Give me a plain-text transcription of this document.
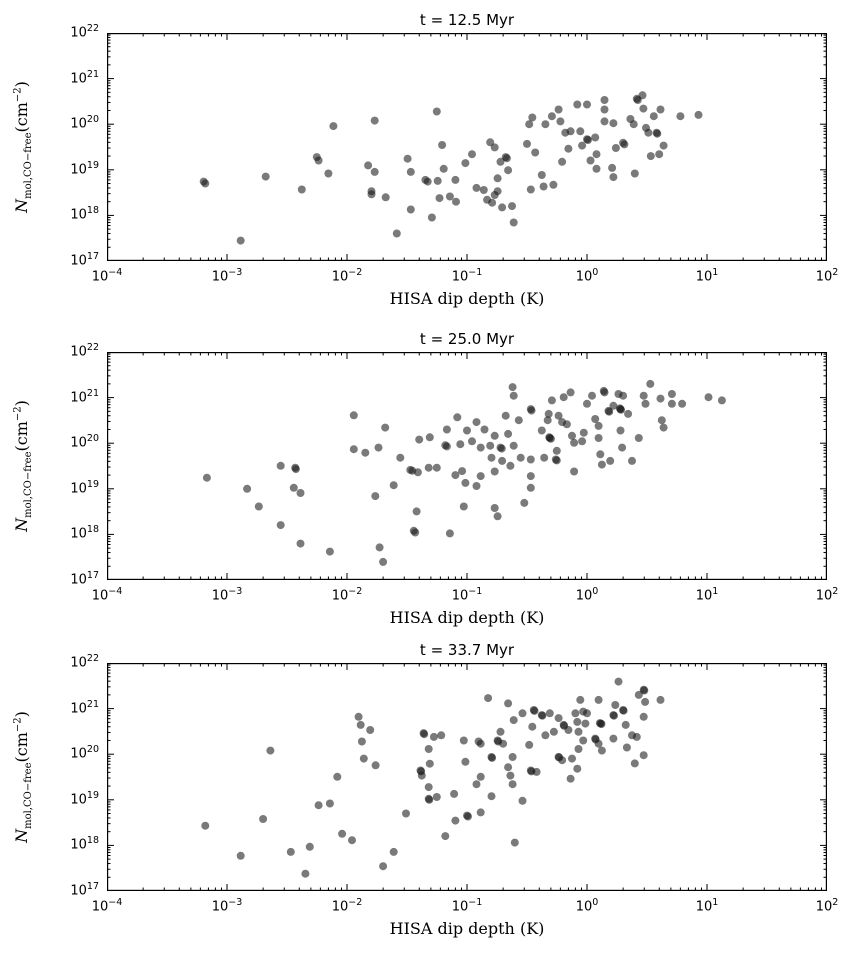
t = 12.5 Myr
HISA dip depth (K)
$N_{mol,CO-free}(cm^{-2})$
$10^{-4}$	$10^{-3}$	$10^{-2}$	$10^{-1}$	$10^0$	$10^1$	$10^2$
$10^{17}$
$10^{18}$
$10^{19}$
$10^{20}$
$10^{21}$
$10^{22}$
t = 25.0 Myr
HISA dip depth (K)
$N_{mol,CO-free}(cm^{-2})$
$10^{-4}$	$10^{-3}$	$10^{-2}$	$10^{-1}$	$10^0$	$10^1$	$10^2$
$10^{17}$
$10^{18}$
$10^{19}$
$10^{20}$
$10^{21}$
$10^{22}$
t = 33.7 Myr
HISA dip depth (K)
$N_{mol,CO-free}(cm^{-2})$
$10^{-4}$	$10^{-3}$	$10^{-2}$	$10^{-1}$	$10^0$	$10^1$	$10^2$
$10^{17}$
$10^{18}$
$10^{19}$
$10^{20}$
$10^{21}$
$10^{22}$
